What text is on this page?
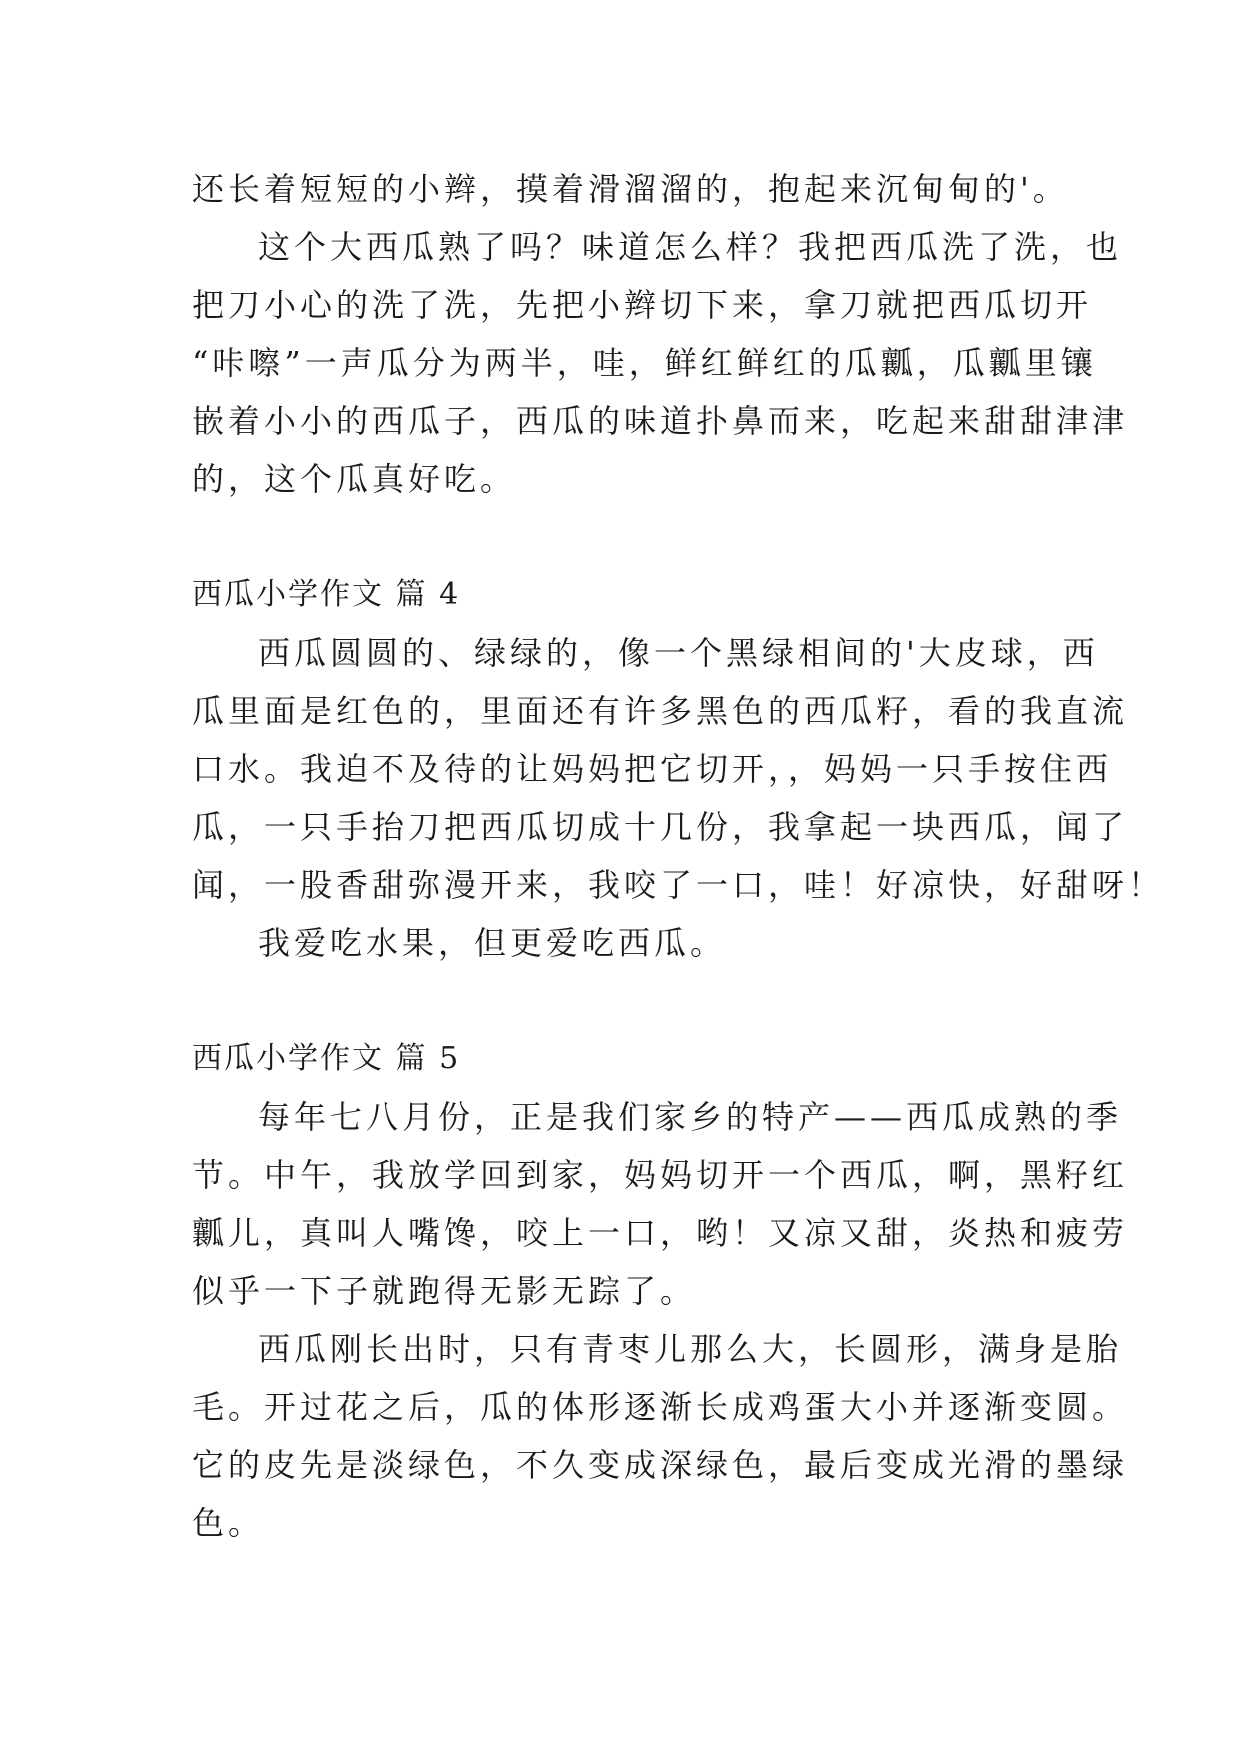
还长着短短的小辫，摸着滑溜溜的，抱起来沉甸甸的'。
这个大西瓜熟了吗？味道怎么样？我把西瓜洗了洗，也
把刀小心的洗了洗，先把小辫切下来，拿刀就把西瓜切开
“咔嚓”一声瓜分为两半，哇，鲜红鲜红的瓜瓤，瓜瓤里镶
嵌着小小的西瓜子，西瓜的味道扑鼻而来，吃起来甜甜津津
的，这个瓜真好吃。
西瓜小学作文 篇 4
西瓜圆圆的、绿绿的，像一个黑绿相间的'大皮球，西
瓜里面是红色的，里面还有许多黑色的西瓜籽，看的我直流
口水。我迫不及待的让妈妈把它切开，，妈妈一只手按住西
瓜，一只手抬刀把西瓜切成十几份，我拿起一块西瓜，闻了
闻，一股香甜弥漫开来，我咬了一口，哇！好凉快，好甜呀！
我爱吃水果，但更爱吃西瓜。
西瓜小学作文 篇 5
每年七八月份，正是我们家乡的特产——西瓜成熟的季
节。中午，我放学回到家，妈妈切开一个西瓜，啊，黑籽红
瓤儿，真叫人嘴馋，咬上一口，哟！又凉又甜，炎热和疲劳
似乎一下子就跑得无影无踪了。
西瓜刚长出时，只有青枣儿那么大，长圆形，满身是胎
毛。开过花之后，瓜的体形逐渐长成鸡蛋大小并逐渐变圆。
它的皮先是淡绿色，不久变成深绿色，最后变成光滑的墨绿
色。
